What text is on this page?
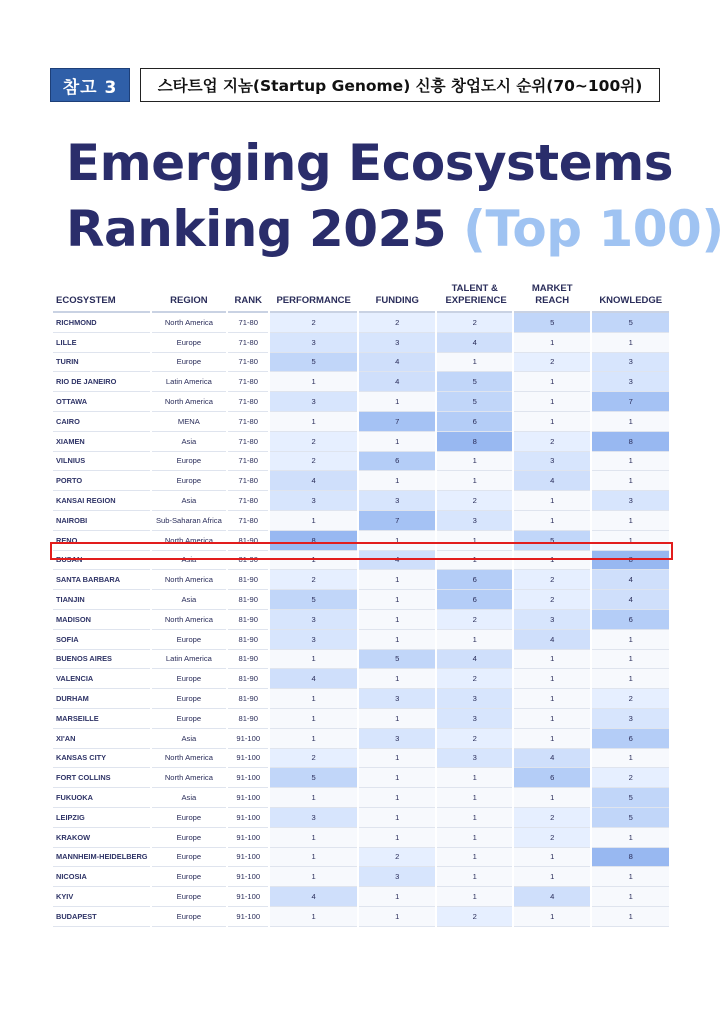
참고 3	스타트업 지놈(Startup Genome) 신흥 창업도시 순위(70~100위)
Emerging Ecosystems
Ranking 2025 (Top 100)
ECOSYSTEM	REGION	RANK	PERFORMANCE	FUNDING	TALENT & EXPERIENCE	MARKET REACH	KNOWLEDGE
RICHMOND	North America	71-80	2	2	2	5	5
LILLE	Europe	71-80	3	3	4	1	1
TURIN	Europe	71-80	5	4	1	2	3
RIO DE JANEIRO	Latin America	71-80	1	4	5	1	3
OTTAWA	North America	71-80	3	1	5	1	7
CAIRO	MENA	71-80	1	7	6	1	1
XIAMEN	Asia	71-80	2	1	8	2	8
VILNIUS	Europe	71-80	2	6	1	3	1
PORTO	Europe	71-80	4	1	1	4	1
KANSAI REGION	Asia	71-80	3	3	2	1	3
NAIROBI	Sub-Saharan Africa	71-80	1	7	3	1	1
RENO	North America	81-90	8	1	1	5	1
BUSAN	Asia	81-90	1	4	1	1	8
SANTA BARBARA	North America	81-90	2	1	6	2	4
TIANJIN	Asia	81-90	5	1	6	2	4
MADISON	North America	81-90	3	1	2	3	6
SOFIA	Europe	81-90	3	1	1	4	1
BUENOS AIRES	Latin America	81-90	1	5	4	1	1
VALENCIA	Europe	81-90	4	1	2	1	1
DURHAM	Europe	81-90	1	3	3	1	2
MARSEILLE	Europe	81-90	1	1	3	1	3
XI'AN	Asia	91-100	1	3	2	1	6
KANSAS CITY	North America	91-100	2	1	3	4	1
FORT COLLINS	North America	91-100	5	1	1	6	2
FUKUOKA	Asia	91-100	1	1	1	1	5
LEIPZIG	Europe	91-100	3	1	1	2	5
KRAKOW	Europe	91-100	1	1	1	2	1
MANNHEIM-HEIDELBERG	Europe	91-100	1	2	1	1	8
NICOSIA	Europe	91-100	1	3	1	1	1
KYIV	Europe	91-100	4	1	1	4	1
BUDAPEST	Europe	91-100	1	1	2	1	1
